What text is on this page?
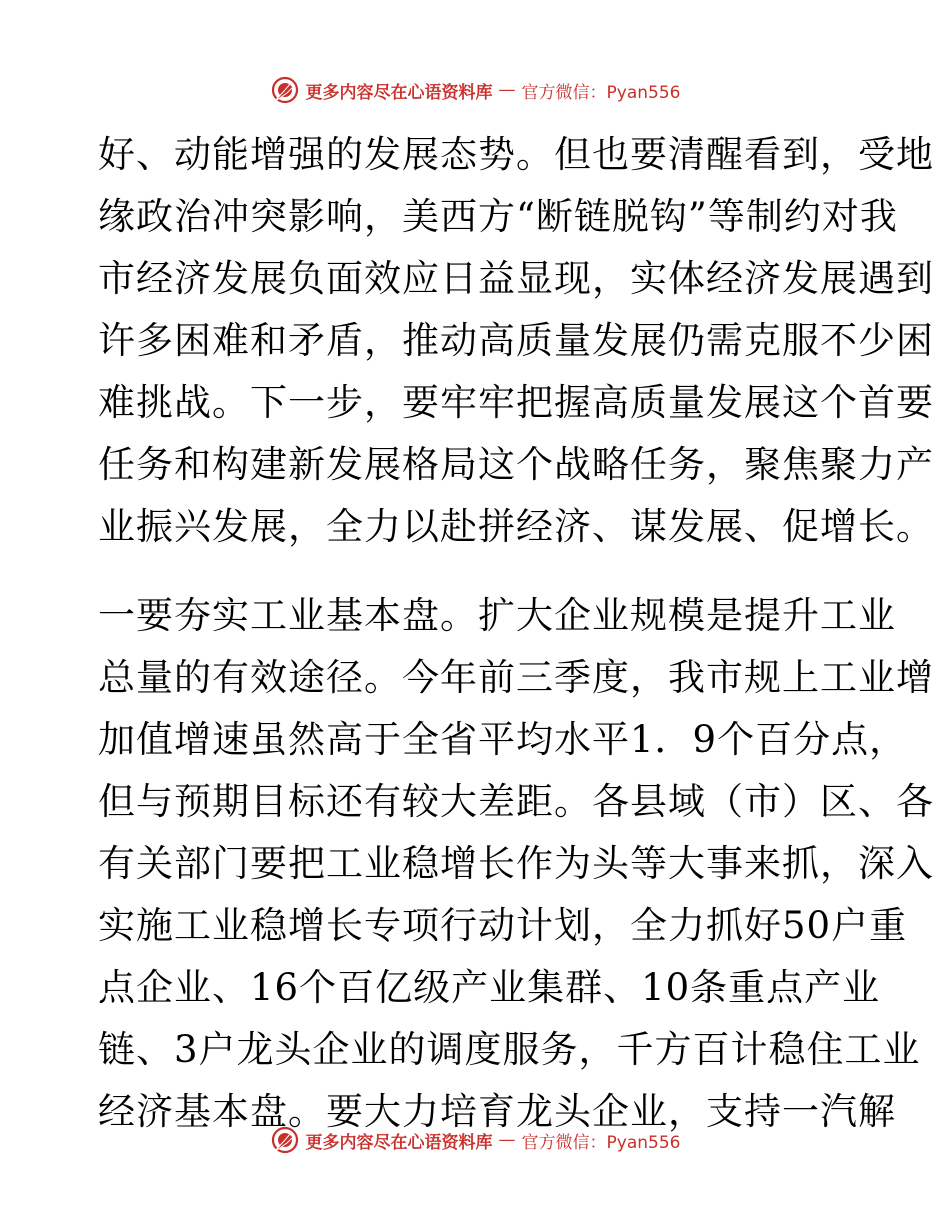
更多内容尽在心语资料库 — 官方微信：Pyan556
好、动能增强的发展态势。但也要清醒看到，受地
缘政治冲突影响，美西方“断链脱钩”等制约对我
市经济发展负面效应日益显现，实体经济发展遇到
许多困难和矛盾，推动高质量发展仍需克服不少困
难挑战。下一步，要牢牢把握高质量发展这个首要
任务和构建新发展格局这个战略任务，聚焦聚力产
业振兴发展，全力以赴拼经济、谋发展、促增长。
一要夯实工业基本盘。扩大企业规模是提升工业
总量的有效途径。今年前三季度，我市规上工业增
加值增速虽然高于全省平均水平1．9个百分点，
但与预期目标还有较大差距。各县域（市）区、各
有关部门要把工业稳增长作为头等大事来抓，深入
实施工业稳增长专项行动计划，全力抓好50户重
点企业、16个百亿级产业集群、10条重点产业
链、3户龙头企业的调度服务，千方百计稳住工业
经济基本盘。要大力培育龙头企业，支持一汽解
更多内容尽在心语资料库 — 官方微信：Pyan556
